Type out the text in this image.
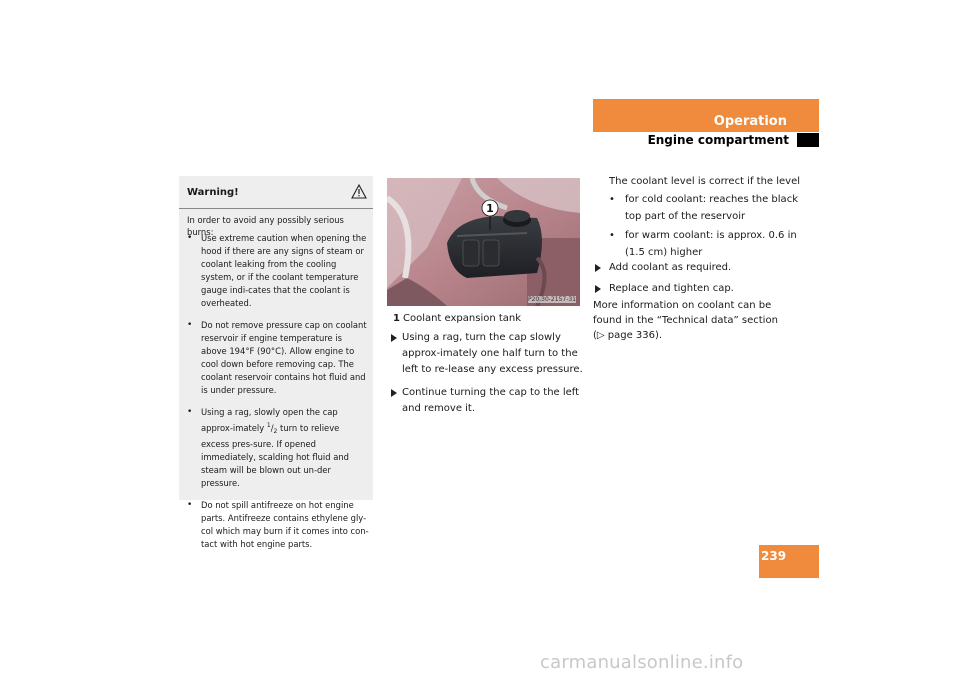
Operation
Engine compartment
Warning!
In order to avoid any possibly serious burns:
• Use extreme caution when opening the hood if there are any signs of steam or coolant leaking from the cooling system, or if the coolant temperature gauge indi-cates that the coolant is overheated.
• Do not remove pressure cap on coolant reservoir if engine temperature is above 194°F (90°C). Allow engine to cool down before removing cap. The coolant reservoir contains hot fluid and is under pressure.
• Using a rag, slowly open the cap approx-imately $^1/_2$ turn to relieve excess pres-sure. If opened immediately, scalding hot fluid and steam will be blown out un-der pressure.
• Do not spill antifreeze on hot engine parts. Antifreeze contains ethylene gly-col which may burn if it comes into con-tact with hot engine parts.
1
P20.30-2157-31
1 Coolant expansion tank
Using a rag, turn the cap slowly approx-imately one half turn to the left to re-lease any excess pressure.
Continue turning the cap to the left and remove it.
The coolant level is correct if the level
• for cold coolant: reaches the black top part of the reservoir
• for warm coolant: is approx. 0.6 in (1.5 cm) higher
Add coolant as required.
Replace and tighten cap.
More information on coolant can be found in the “Technical data” section
(▷ page 336).
239
carmanualsonline.info
